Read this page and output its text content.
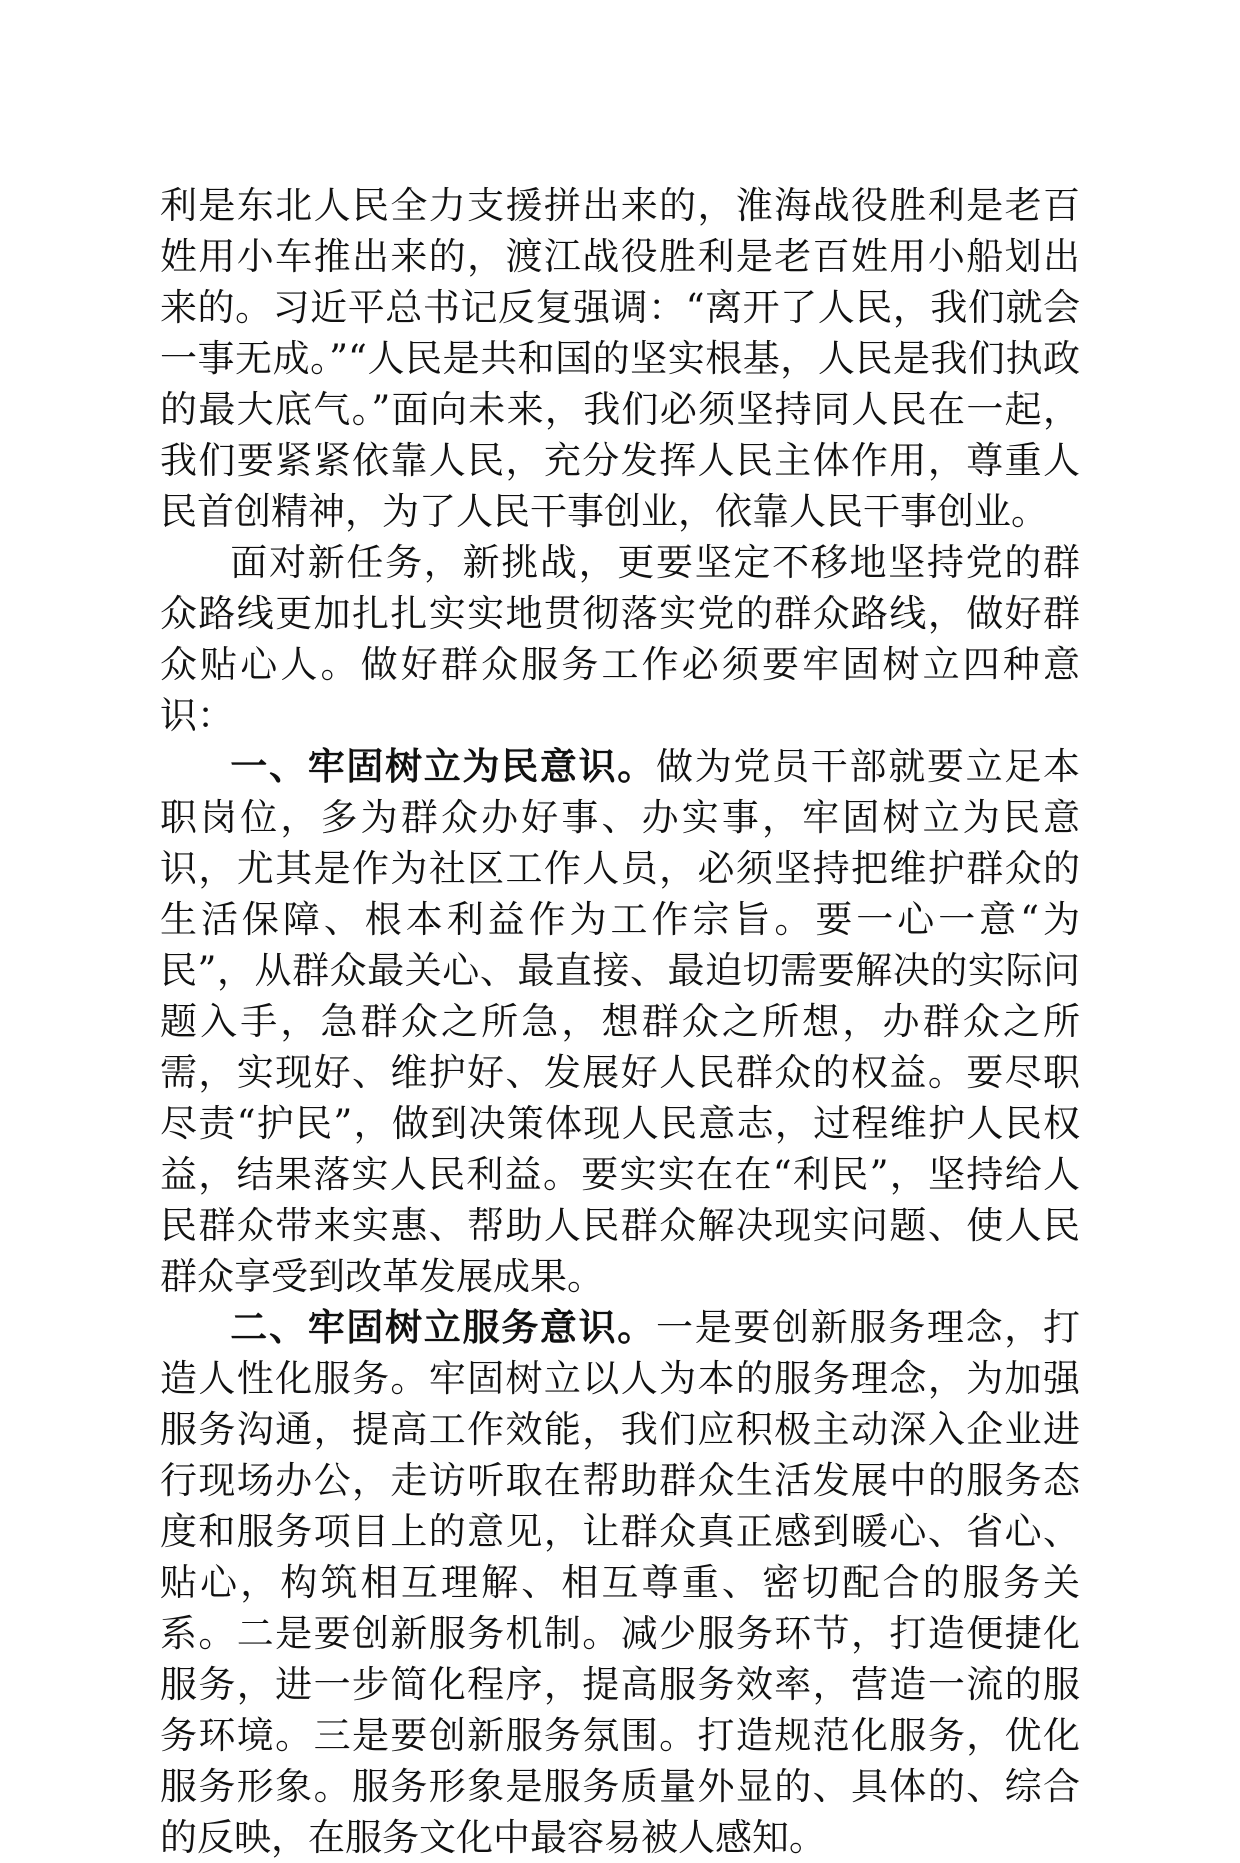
利是东北人民全力支援拼出来的，淮海战役胜利是老百姓用小车推出来的，渡江战役胜利是老百姓用小船划出来的。习近平总书记反复强调：“离开了人民，我们就会一事无成。”“人民是共和国的坚实根基，人民是我们执政的最大底气。”面向未来，我们必须坚持同人民在一起，我们要紧紧依靠人民，充分发挥人民主体作用，尊重人民首创精神，为了人民干事创业，依靠人民干事创业。

面对新任务，新挑战，更要坚定不移地坚持党的群众路线更加扎扎实实地贯彻落实党的群众路线，做好群众贴心人。做好群众服务工作必须要牢固树立四种意识：

一、牢固树立为民意识。做为党员干部就要立足本职岗位，多为群众办好事、办实事，牢固树立为民意识，尤其是作为社区工作人员，必须坚持把维护群众的生活保障、根本利益作为工作宗旨。要一心一意“为民”，从群众最关心、最直接、最迫切需要解决的实际问题入手，急群众之所急，想群众之所想，办群众之所需，实现好、维护好、发展好人民群众的权益。要尽职尽责“护民”，做到决策体现人民意志，过程维护人民权益，结果落实人民利益。要实实在在“利民”，坚持给人民群众带来实惠、帮助人民群众解决现实问题、使人民群众享受到改革发展成果。

二、牢固树立服务意识。一是要创新服务理念，打造人性化服务。牢固树立以人为本的服务理念，为加强服务沟通，提高工作效能，我们应积极主动深入企业进行现场办公，走访听取在帮助群众生活发展中的服务态度和服务项目上的意见，让群众真正感到暖心、省心、贴心，构筑相互理解、相互尊重、密切配合的服务关系。二是要创新服务机制。减少服务环节，打造便捷化服务，进一步简化程序，提高服务效率，营造一流的服务环境。三是要创新服务氛围。打造规范化服务，优化服务形象。服务形象是服务质量外显的、具体的、综合的反映，在服务文化中最容易被人感知。
